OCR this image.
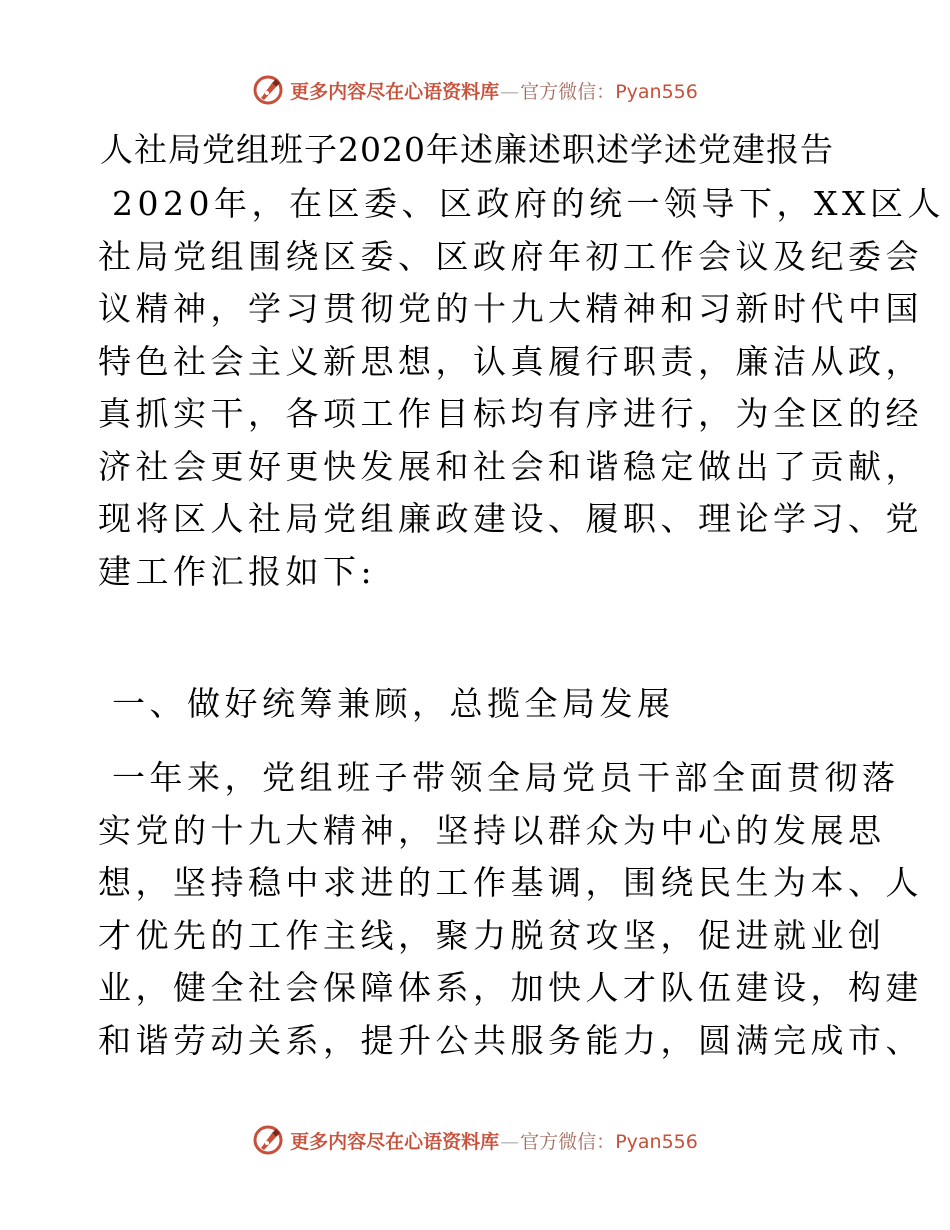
更多内容尽在心语资料库—官方微信：Pyan556
人社局党组班子2020年述廉述职述学述党建报告
2020年，在区委、区政府的统一领导下，XX区人
社局党组围绕区委、区政府年初工作会议及纪委会
议精神，学习贯彻党的十九大精神和习新时代中国
特色社会主义新思想，认真履行职责，廉洁从政，
真抓实干，各项工作目标均有序进行，为全区的经
济社会更好更快发展和社会和谐稳定做出了贡献，
现将区人社局党组廉政建设、履职、理论学习、党
建工作汇报如下:
一、做好统筹兼顾，总揽全局发展
一年来，党组班子带领全局党员干部全面贯彻落
实党的十九大精神，坚持以群众为中心的发展思
想，坚持稳中求进的工作基调，围绕民生为本、人
才优先的工作主线，聚力脱贫攻坚，促进就业创
业，健全社会保障体系，加快人才队伍建设，构建
和谐劳动关系，提升公共服务能力，圆满完成市、
更多内容尽在心语资料库—官方微信：Pyan556
